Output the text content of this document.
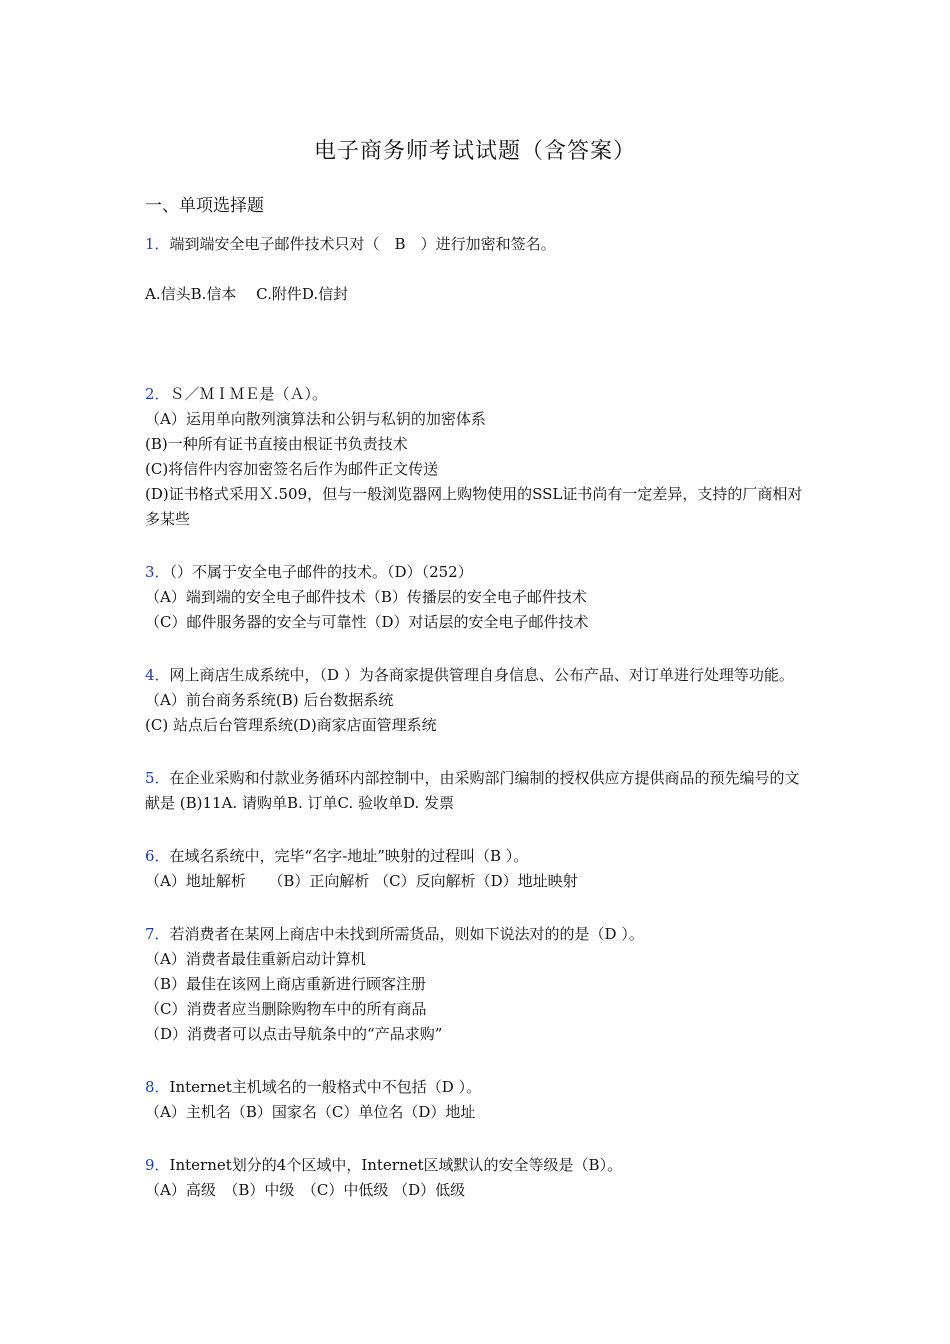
电子商务师考试试题（含答案）
一、单项选择题

1．端到端安全电子邮件技术只对（　B　）进行加密和签名。

A.信头B.信本　 C.附件D.信封

2．Ｓ／ＭＩＭＥ是（Ａ）。

（A）运用单向散列演算法和公钥与私钥的加密体系

(B)一种所有证书直接由根证书负责技术

(C)将信件内容加密签名后作为邮件正文传送

(D)证书格式采用Ｘ.509，但与一般浏览器网上购物使用的SSL证书尚有一定差异，支持的厂商相对多某些

3．（）不属于安全电子邮件的技术。（D）（252）

（A）端到端的安全电子邮件技术（B）传播层的安全电子邮件技术

（C）邮件服务器的安全与可靠性（D）对话层的安全电子邮件技术

4．网上商店生成系统中，（D ）为各商家提供管理自身信息、公布产品、对订单进行处理等功能。

（A）前台商务系统(B) 后台数据系统

(C) 站点后台管理系统(D)商家店面管理系统

5．在企业采购和付款业务循环内部控制中，由采购部门编制的授权供应方提供商品的预先编号的文献是 (B)11A. 请购单B. 订单C. 验收单D. 发票

6．在域名系统中，完毕“名字-地址”映射的过程叫（B ）。

（A）地址解析　　（B）正向解析 （C）反向解析（D）地址映射

7．若消费者在某网上商店中未找到所需货品，则如下说法对的的是（D ）。

（A）消费者最佳重新启动计算机

（B）最佳在该网上商店重新进行顾客注册

（C）消费者应当删除购物车中的所有商品

（D）消费者可以点击导航条中的“产品求购”

8．Internet主机域名的一般格式中不包括（D ）。

（A）主机名（B）国家名（C）单位名（D）地址

9．Internet划分的4个区域中，Internet区域默认的安全等级是（B）。

（A）高级　（B）中级　（C）中低级 （D）低级
